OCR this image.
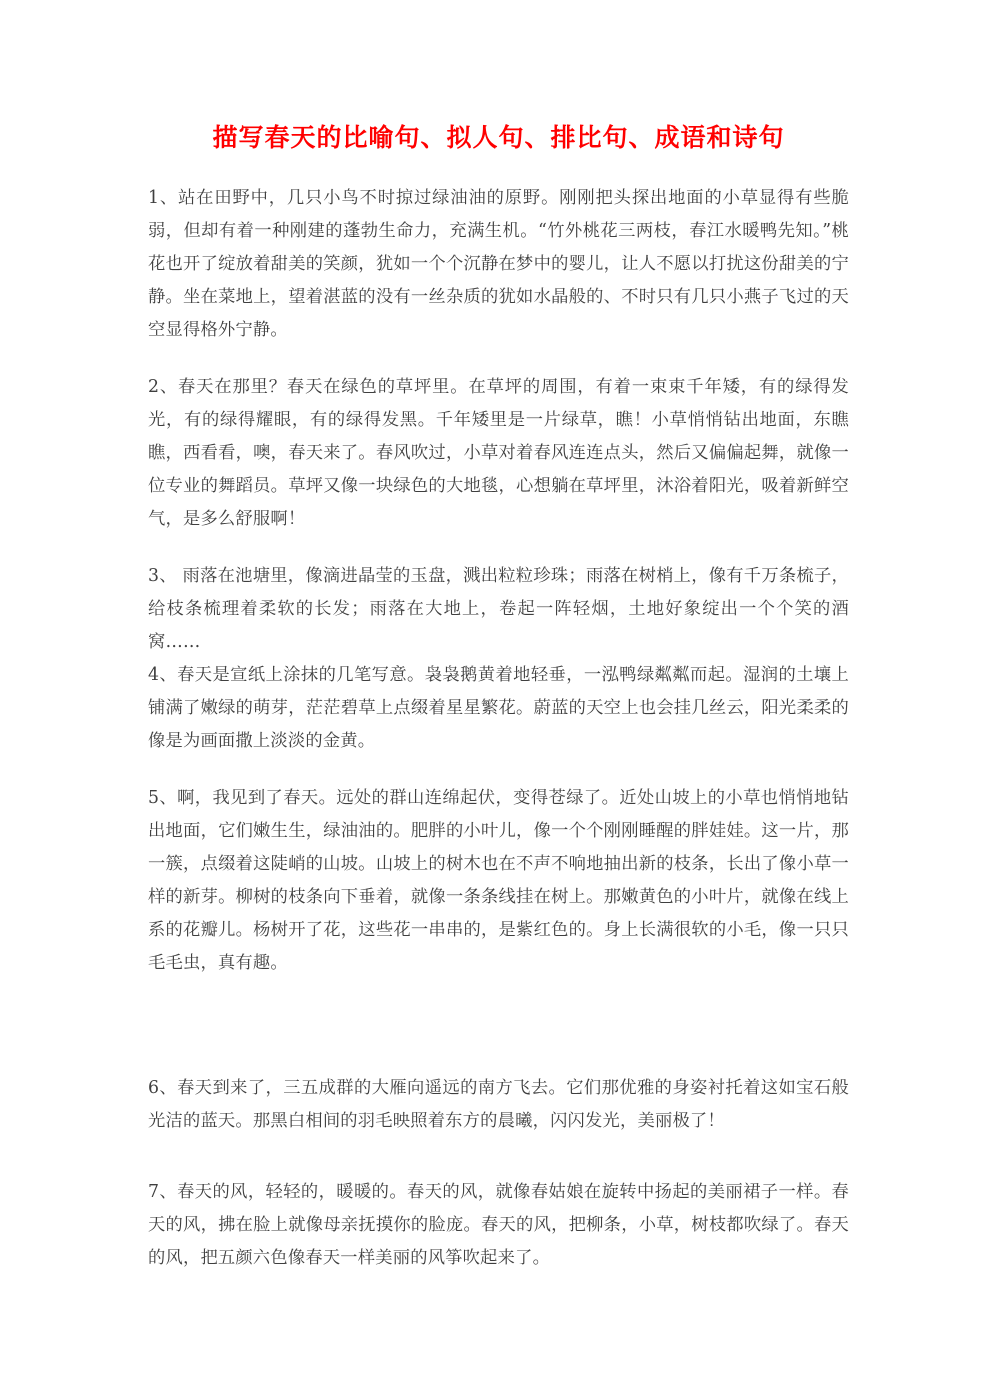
描写春天的比喻句、拟人句、排比句、成语和诗句

1、站在田野中，几只小鸟不时掠过绿油油的原野。刚刚把头探出地面的小草显得有些脆弱，但却有着一种刚建的蓬勃生命力，充满生机。“竹外桃花三两枝，春江水暖鸭先知。”桃花也开了绽放着甜美的笑颜，犹如一个个沉静在梦中的婴儿，让人不愿以打扰这份甜美的宁静。坐在菜地上，望着湛蓝的没有一丝杂质的犹如水晶般的、不时只有几只小燕子飞过的天空显得格外宁静。

2、春天在那里？春天在绿色的草坪里。在草坪的周围，有着一束束千年矮，有的绿得发光，有的绿得耀眼，有的绿得发黑。千年矮里是一片绿草，瞧！小草悄悄钻出地面，东瞧瞧，西看看，噢，春天来了。春风吹过，小草对着春风连连点头，然后又偏偏起舞，就像一位专业的舞蹈员。草坪又像一块绿色的大地毯，心想躺在草坪里，沐浴着阳光，吸着新鲜空气，是多么舒服啊！

3、 雨落在池塘里，像滴进晶莹的玉盘，溅出粒粒珍珠；雨落在树梢上，像有千万条梳子，给枝条梳理着柔软的长发；雨落在大地上，卷起一阵轻烟，土地好象绽出一个个笑的酒窝……

4、春天是宣纸上涂抹的几笔写意。袅袅鹅黄着地轻垂，一泓鸭绿粼粼而起。湿润的土壤上铺满了嫩绿的萌芽，茫茫碧草上点缀着星星繁花。蔚蓝的天空上也会挂几丝云，阳光柔柔的像是为画面撒上淡淡的金黄。

5、啊，我见到了春天。远处的群山连绵起伏，变得苍绿了。近处山坡上的小草也悄悄地钻出地面，它们嫩生生，绿油油的。肥胖的小叶儿，像一个个刚刚睡醒的胖娃娃。这一片，那一簇，点缀着这陡峭的山坡。山坡上的树木也在不声不响地抽出新的枝条，长出了像小草一样的新芽。柳树的枝条向下垂着，就像一条条线挂在树上。那嫩黄色的小叶片，就像在线上系的花瓣儿。杨树开了花，这些花一串串的，是紫红色的。身上长满很软的小毛，像一只只毛毛虫，真有趣。

6、春天到来了，三五成群的大雁向遥远的南方飞去。它们那优雅的身姿衬托着这如宝石般光洁的蓝天。那黑白相间的羽毛映照着东方的晨曦，闪闪发光，美丽极了！

7、春天的风，轻轻的，暖暖的。春天的风，就像春姑娘在旋转中扬起的美丽裙子一样。春天的风，拂在脸上就像母亲抚摸你的脸庞。春天的风，把柳条，小草，树枝都吹绿了。春天的风，把五颜六色像春天一样美丽的风筝吹起来了。
